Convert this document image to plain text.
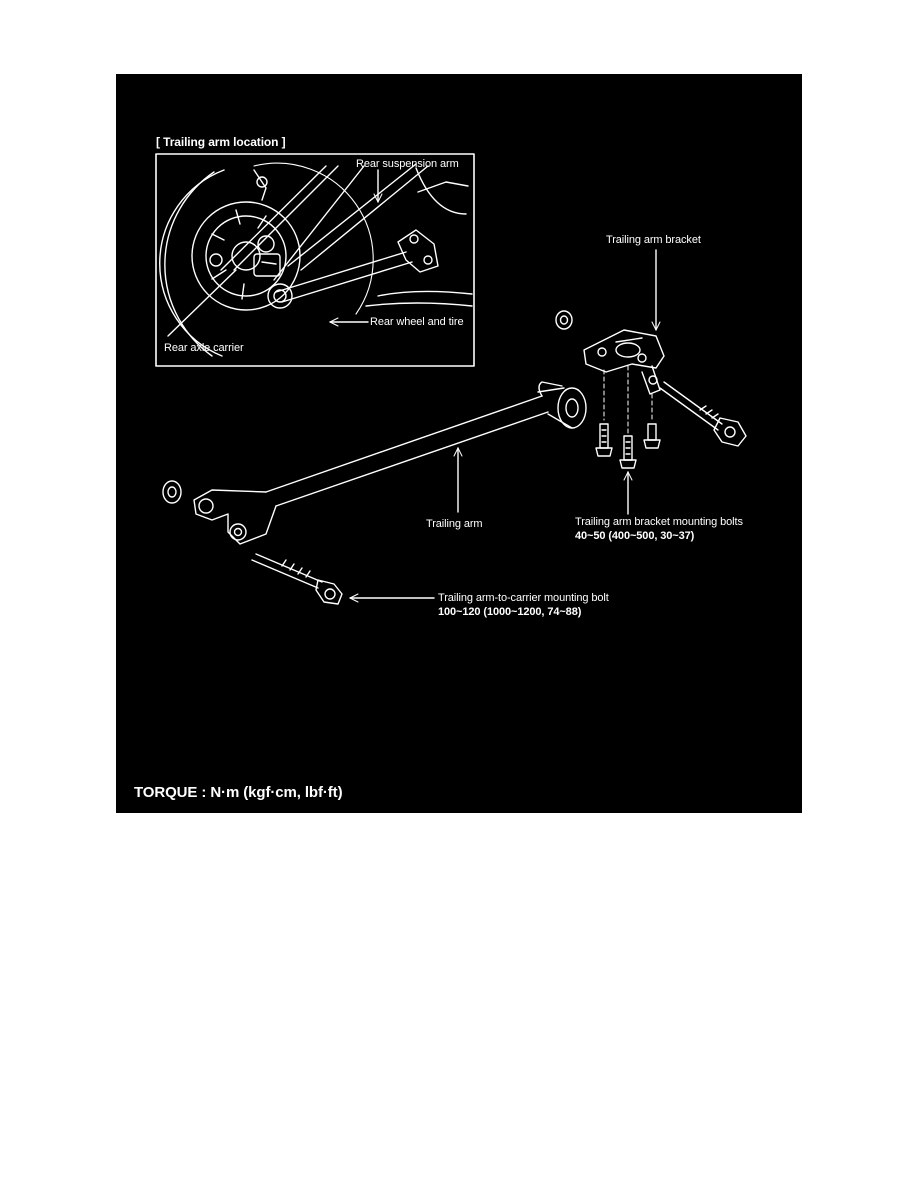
[ Trailing arm location ]
Rear suspension arm
Rear wheel and tire
Rear axle carrier
Trailing arm bracket
Trailing arm	Trailing arm bracket mounting bolts
40~50 (400~500, 30~37)
Trailing arm-to-carrier mounting bolt
100~120 (1000~1200, 74~88)
TORQUE : N·m (kgf·cm, lbf·ft)
